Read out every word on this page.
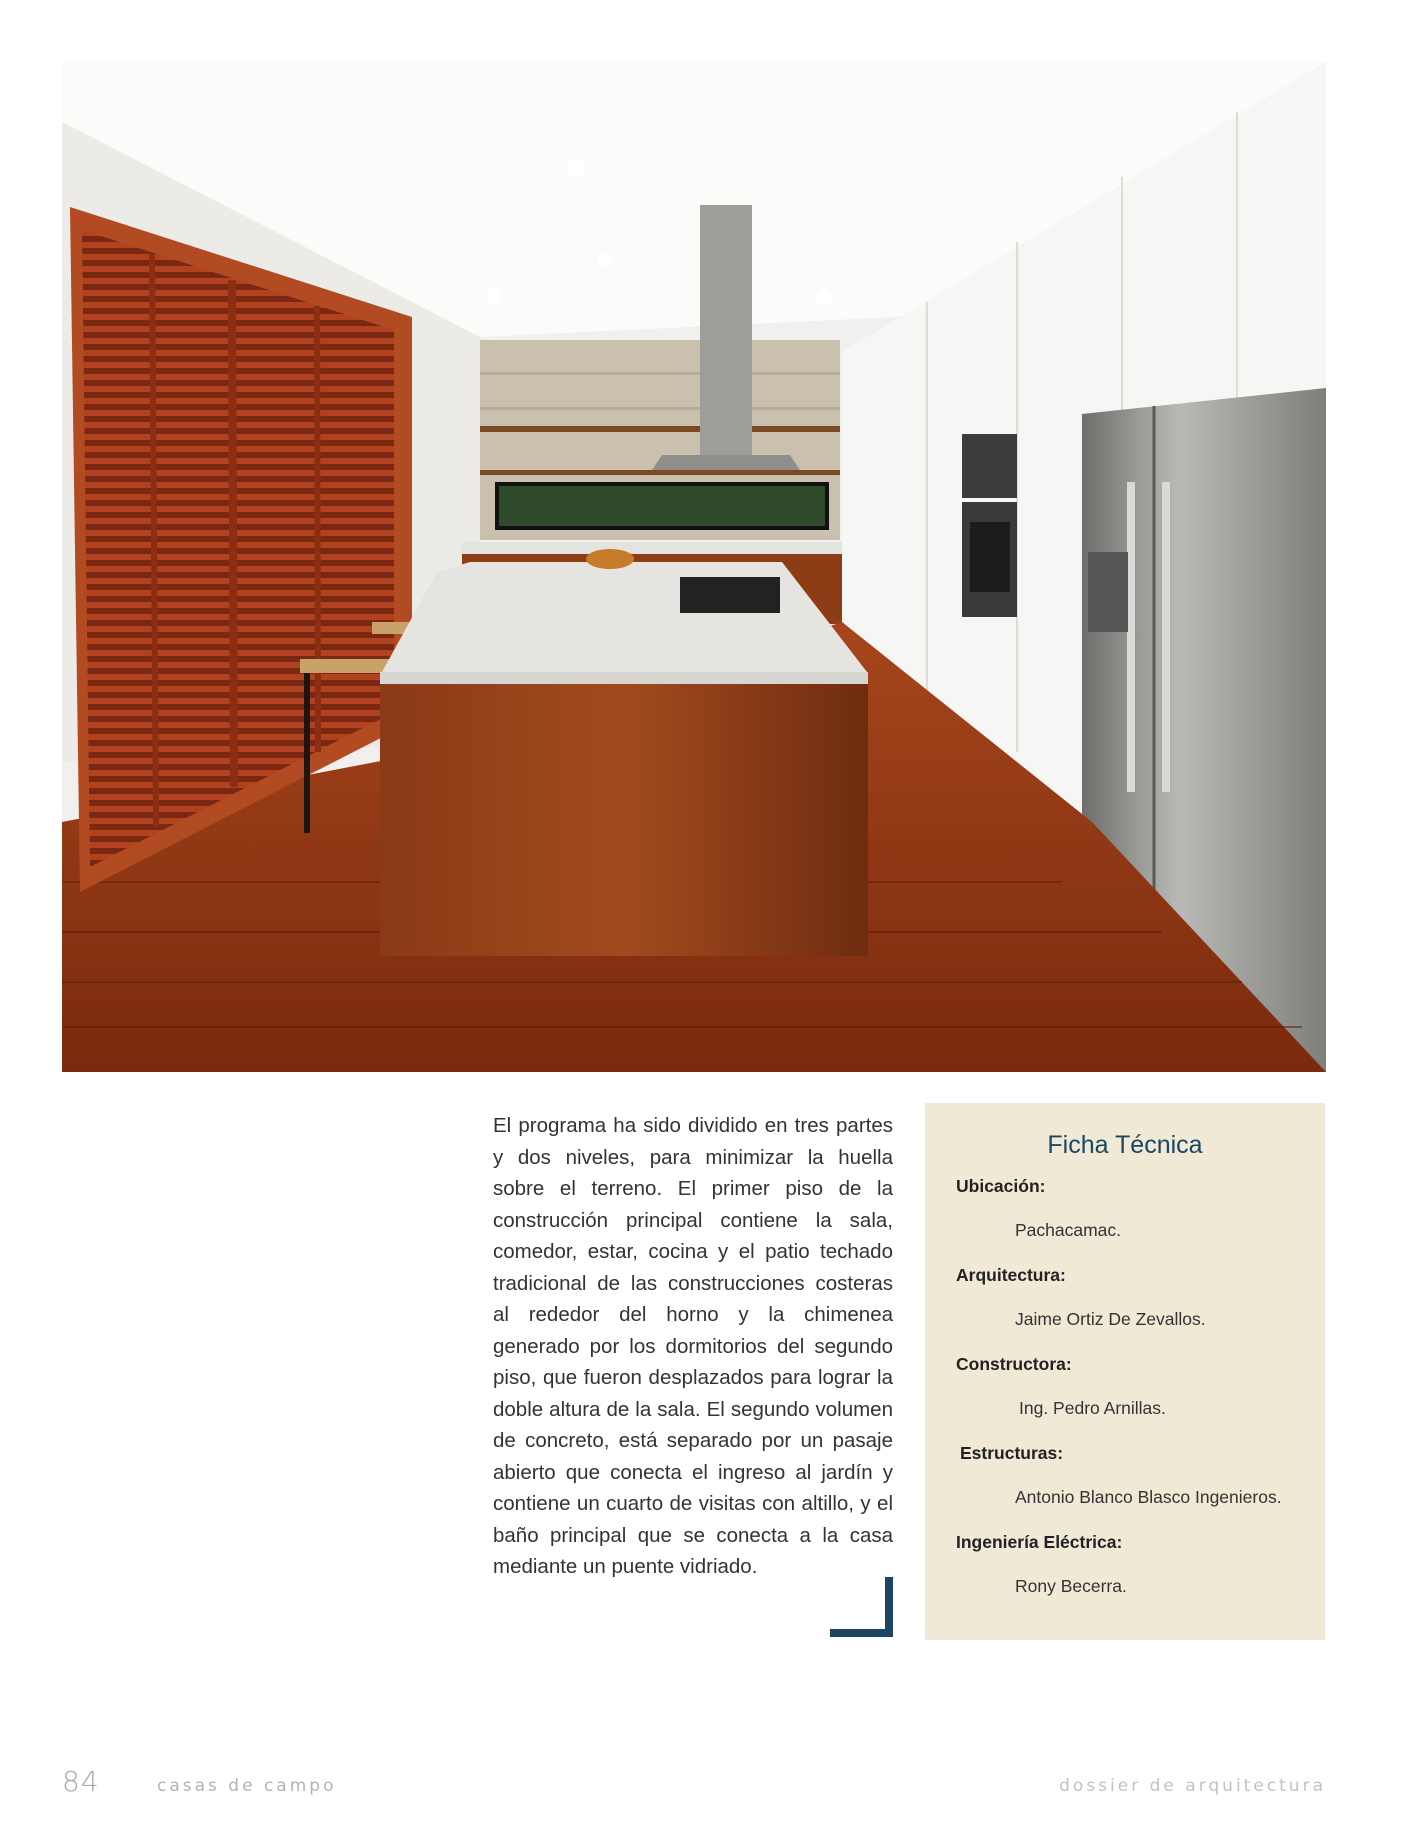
El programa ha sido dividido en tres partes y dos niveles, para minimizar la huella sobre el terreno. El primer piso de la construcción principal contiene la sala, comedor, estar, cocina y el patio techado tradicional de las construcciones costeras al rededor del horno y la chimenea generado por los dormitorios del segundo piso, que fueron desplazados para lograr la doble altura de la sala. El segundo volumen de concreto, está separado por un pasaje abierto que conecta el ingreso al jardín y contiene un cuarto de visitas con altillo, y el baño principal que se conecta a la casa mediante un puente vidriado.
Ficha Técnica
Ubicación:
Pachacamac.
Arquitectura:
Jaime Ortiz De Zevallos.
Constructora:
Ing. Pedro Arnillas.
Estructuras:
Antonio Blanco Blasco Ingenieros.
Ingeniería Eléctrica:
Rony Becerra.
84	casas de campo	dossier de arquitectura
